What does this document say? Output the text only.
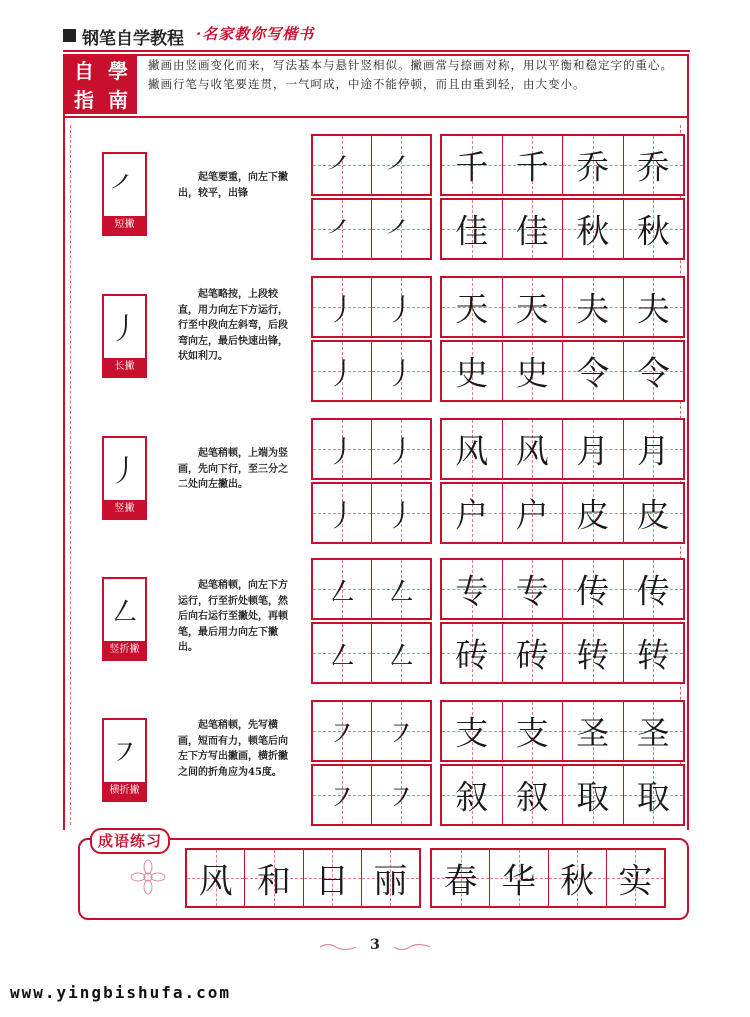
钢笔自学教程 ·名家教你写楷书
自 學
指 南
撇画由竖画变化而来，写法基本与悬针竖相似。撇画常与捺画对称，用以平衡和稳定字的重心。撇画行笔与收笔要连贯，一气呵成，中途不能停顿，而且由重到轻，由大变小。
㇒
短撇
起笔要重，向左下撇出，较平，出锋
㇒ ㇒	千 千 乔 乔
㇒ ㇒	佳 佳 秋 秋
丿
长撇
起笔略按，上段较直，用力向左下方运行，行至中段向左斜弯，后段弯向左，最后快速出锋，状如利刀。
丿 丿	天 天 夫 夫
丿 丿	史 史 令 令
丿
竖撇
起笔稍顿，上端为竖画，先向下行，至三分之二处向左撇出。
丿 丿	风 风 月 月
丿 丿	户 户 皮 皮
㇜
竖折撇
起笔稍顿，向左下方运行，行至折处顿笔，然后向右运行至撇处，再顿笔，最后用力向左下撇出。
㇜ ㇜	专 专 传 传
㇜ ㇜	砖 砖 转 转
㇇
横折撇
起笔稍顿，先写横画，短而有力，顿笔后向左下方写出撇画，横折撇之间的折角应为45度。
㇇ ㇇	支 支 圣 圣
㇇ ㇇	叙 叙 取 取
成语练习
风 和 日 丽	春 华 秋 实
3
www.yingbishufa.com
